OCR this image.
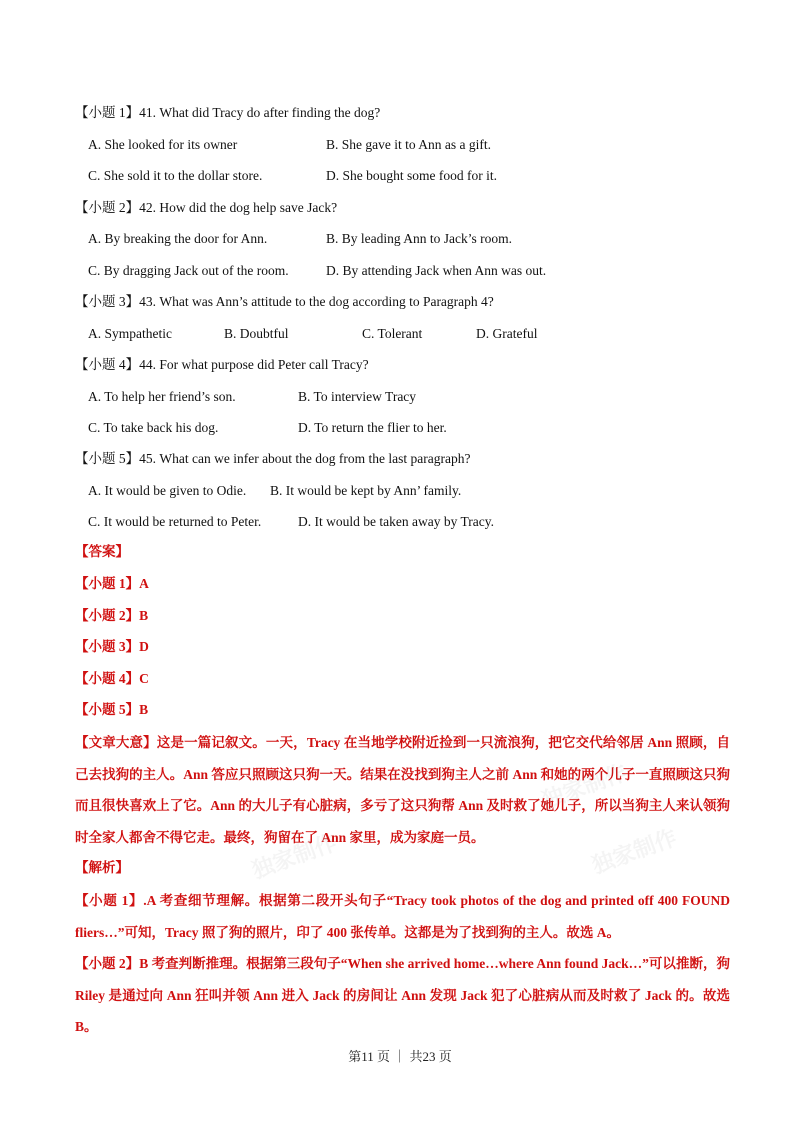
【小题 1】41. What did Tracy do after finding the dog?
A. She looked for its owner	B. She gave it to Ann as a gift.
C. She sold it to the dollar store.	D. She bought some food for it.
【小题 2】42. How did the dog help save Jack?
A. By breaking the door for Ann.	B. By leading Ann to Jack’s room.
C. By dragging Jack out of the room.	D. By attending Jack when Ann was out.
【小题 3】43. What was Ann’s attitude to the dog according to Paragraph 4?
A. Sympathetic	B. Doubtful	C. Tolerant	D. Grateful
【小题 4】44. For what purpose did Peter call Tracy?
A. To help her friend’s son.	B. To interview Tracy
C. To take back his dog.	D. To return the flier to her.
【小题 5】45. What can we infer about the dog from the last paragraph?
A. It would be given to Odie. B. It would be kept by Ann’ family.
C. It would be returned to Peter.	D. It would be taken away by Tracy.
【答案】
【小题 1】A
【小题 2】B
【小题 3】D
【小题 4】C
【小题 5】B
【文章大意】这是一篇记叙文。一天，Tracy 在当地学校附近捡到一只流浪狗，把它交代给邻居 Ann 照顾，自己去找狗的主人。Ann 答应只照顾这只狗一天。结果在没找到狗主人之前 Ann 和她的两个儿子一直照顾这只狗而且很快喜欢上了它。Ann 的大儿子有心脏病，多亏了这只狗帮 Ann 及时救了她儿子，所以当狗主人来认领狗时全家人都舍不得它走。最终，狗留在了 Ann 家里，成为家庭一员。
【解析】
【小题 1】.A 考查细节理解。根据第二段开头句子“Tracy took photos of the dog and printed off 400 FOUND fliers…”可知，Tracy 照了狗的照片，印了 400 张传单。这都是为了找到狗的主人。故选 A。
【小题 2】B 考查判断推理。根据第三段句子“When she arrived home…where Ann found Jack…”可以推断，狗 Riley 是通过向 Ann 狂叫并领 Ann 进入 Jack 的房间让 Ann 发现 Jack 犯了心脏病从而及时救了 Jack 的。故选 B。
独家制作
独家制作	独家制作
第11 页 ｜ 共23 页
